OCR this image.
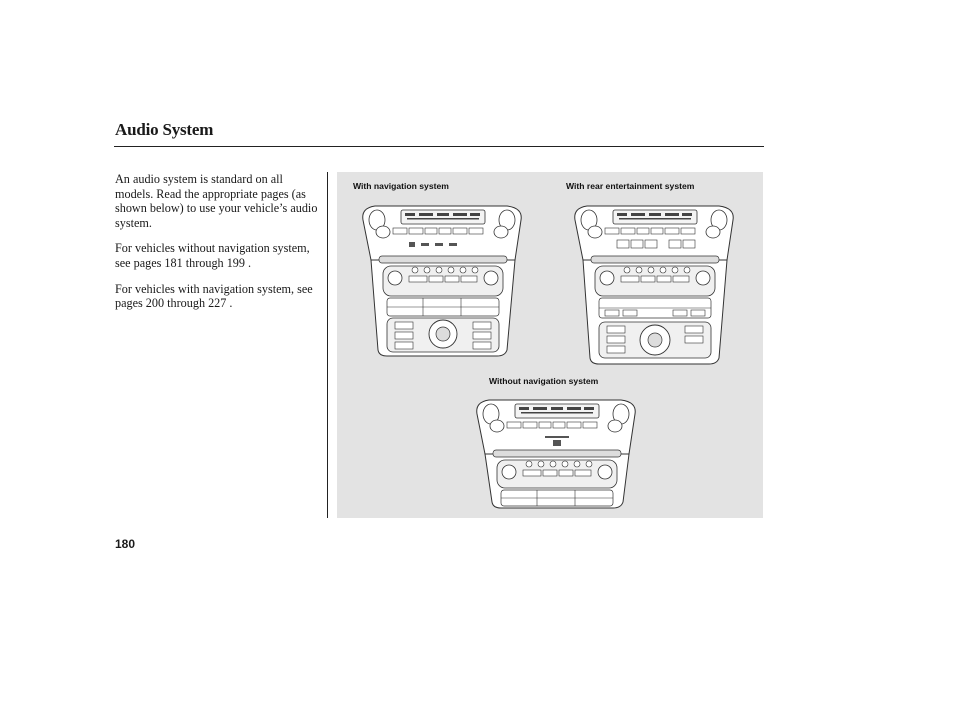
Audio System

An audio system is standard on all models. Read the appropriate pages (as shown below) to use your vehicle’s audio system.

For vehicles without navigation system, see pages 181 through 199 .

For vehicles with navigation system, see pages 200 through 227 .

With navigation system	With rear entertainment system
Without navigation system
180
